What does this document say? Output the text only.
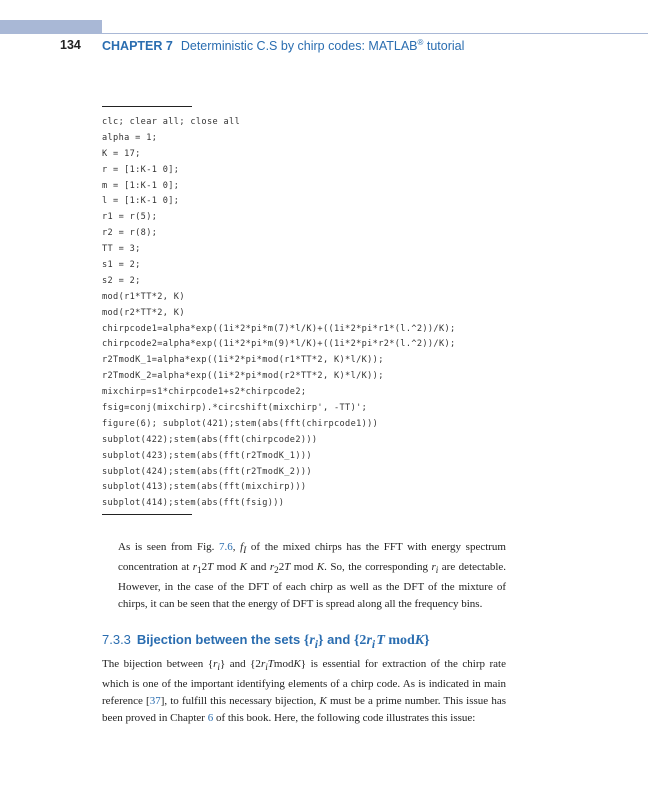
134 CHAPTER 7 Deterministic C.S by chirp codes: MATLAB® tutorial
clc; clear all; close all
alpha = 1;
K = 17;
r = [1:K-1 0];
m = [1:K-1 0];
l = [1:K-1 0];
r1 = r(5);
r2 = r(8);
TT = 3;
s1 = 2;
s2 = 2;
mod(r1*TT*2, K)
mod(r2*TT*2, K)
chirpcode1=alpha*exp((1i*2*pi*m(7)*l/K)+((1i*2*pi*r1*(l.^2))/K);
chirpcode2=alpha*exp((1i*2*pi*m(9)*l/K)+((1i*2*pi*r2*(l.^2))/K);
r2TmodK_1=alpha*exp((1i*2*pi*mod(r1*TT*2, K)*l/K));
r2TmodK_2=alpha*exp((1i*2*pi*mod(r2*TT*2, K)*l/K));
mixchirp=s1*chirpcode1+s2*chirpcode2;
fsig=conj(mixchirp).*circshift(mixchirp', -TT)';
figure(6); subplot(421);stem(abs(fft(chirpcode1)))
subplot(422);stem(abs(fft(chirpcode2)))
subplot(423);stem(abs(fft(r2TmodK_1)))
subplot(424);stem(abs(fft(r2TmodK_2)))
subplot(413);stem(abs(fft(mixchirp)))
subplot(414);stem(abs(fft(fsig)))

As is seen from Fig. 7.6, $f_I$ of the mixed chirps has the FFT with energy spectrum concentration at $r_12T$ mod K and $r_22T$ mod K. So, the corresponding $r_i$ are detectable. However, in the case of the DFT of each chirp as well as the DFT of the mixture of chirps, it can be seen that the energy of DFT is spread along all the frequency bins.

7.3.3 Bijection between the sets $\{r_i\}$ and {$2r_i$ T modK}

The bijection between $\{r_i\}$ and $\{2r_iTmodK\}$ is essential for extraction of the chirp rate which is one of the important identifying elements of a chirp code. As is indicated in main reference [37], to fulfill this necessary bijection, K must be a prime number. This issue has been proved in Chapter 6 of this book. Here, the following code illustrates this issue:
